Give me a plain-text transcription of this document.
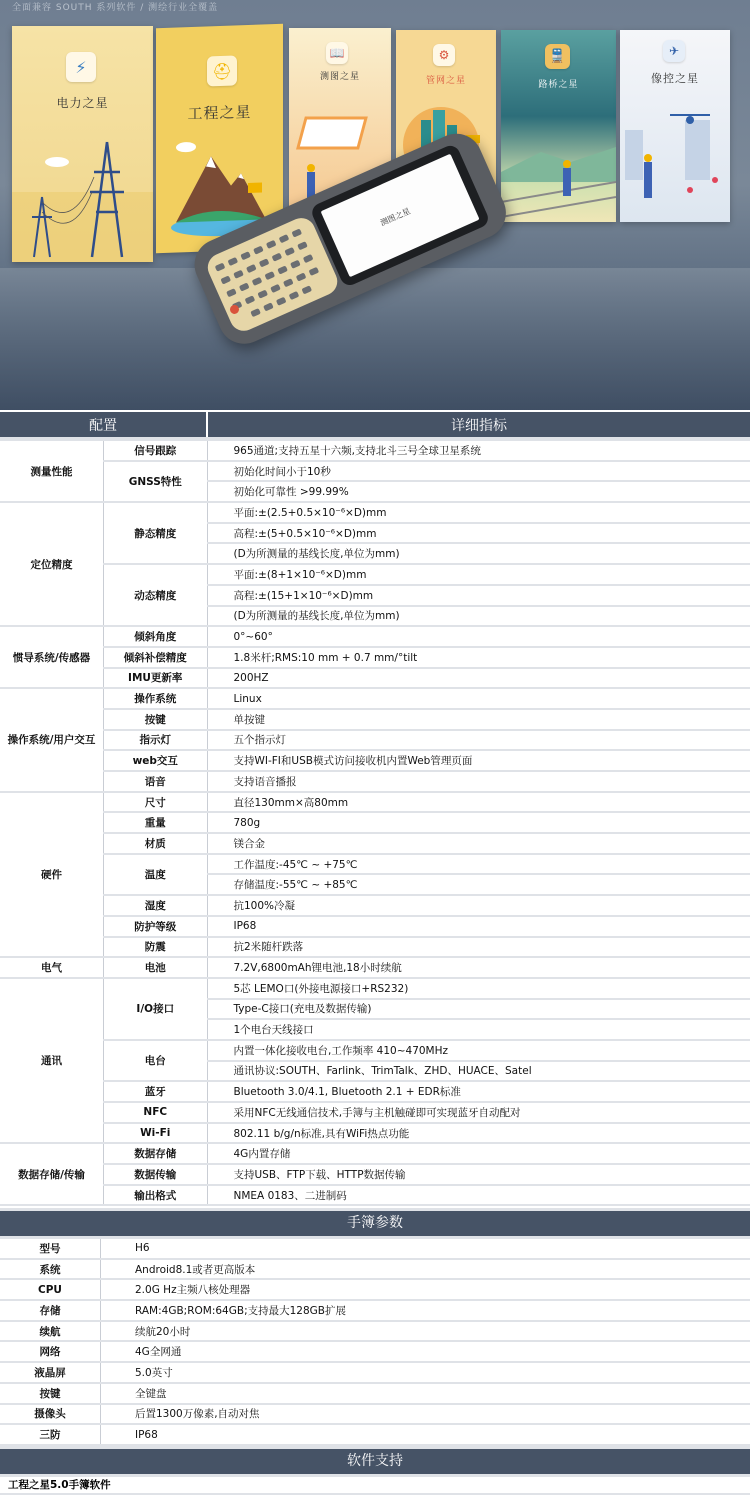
全面兼容 SOUTH 系列软件 / 测绘行业全覆盖
⚡
电力之星
⛑
工程之星
📖
测图之星
⚙
管网之星
🚆
路桥之星
✈
像控之星
测图之星
配置		详细指标
测量性能	信号跟踪	965通道;支持五星十六频,支持北斗三号全球卫星系统
	GNSS特性	初始化时间小于10秒
		初始化可靠性 >99.99%
定位精度	静态精度	平面:±(2.5+0.5×10⁻⁶×D)mm
		高程:±(5+0.5×10⁻⁶×D)mm
		(D为所测量的基线长度,单位为mm)
	动态精度	平面:±(8+1×10⁻⁶×D)mm
		高程:±(15+1×10⁻⁶×D)mm
		(D为所测量的基线长度,单位为mm)
惯导系统/传感器	倾斜角度	0°~60°
	倾斜补偿精度	1.8米杆;RMS:10 mm + 0.7 mm/°tilt
	IMU更新率	200HZ
操作系统/用户交互	操作系统	Linux
	按键	单按键
	指示灯	五个指示灯
	web交互	支持WI-FI和USB模式访问接收机内置Web管理页面
	语音	支持语音播报
硬件	尺寸	直径130mm×高80mm
	重量	780g
	材质	镁合金
	温度	工作温度:-45℃ ~ +75℃
		存储温度:-55℃ ~ +85℃
	湿度	抗100%冷凝
	防护等级	IP68
	防震	抗2米随杆跌落
电气	电池	7.2V,6800mAh锂电池,18小时续航
通讯	I/O接口	5芯 LEMO口(外接电源接口+RS232)
		Type-C接口(充电及数据传输)
		1个电台天线接口
	电台	内置一体化接收电台,工作频率 410~470MHz
		通讯协议:SOUTH、Farlink、TrimTalk、ZHD、HUACE、Satel
	蓝牙	Bluetooth 3.0/4.1, Bluetooth 2.1 + EDR标准
	NFC	采用NFC无线通信技术,手簿与主机触碰即可实现蓝牙自动配对
	Wi-Fi	802.11 b/g/n标准,具有WiFi热点功能
数据存储/传输	数据存储	4G内置存储
	数据传输	支持USB、FTP下载、HTTP数据传输
	输出格式	NMEA 0183、二进制码
手簿参数
型号	H6
系统	Android8.1或者更高版本
CPU	2.0G Hz主频八核处理器
存储	RAM:4GB;ROM:64GB;支持最大128GB扩展
续航	续航20小时
网络	4G全网通
液晶屏	5.0英寸
按键	全键盘
摄像头	后置1300万像素,自动对焦
三防	IP68
软件支持
工程之星5.0手簿软件
